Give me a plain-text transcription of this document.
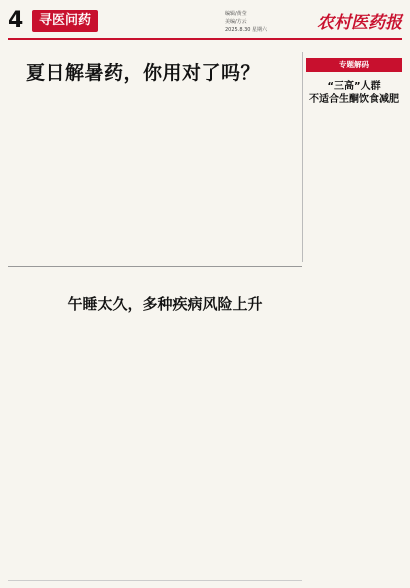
4	寻医问药	编辑/黄莹
美编/方云
2025.8.30 星期六	农村医药报
夏日解暑药，你用对了吗？	专题解码
“三高”人群
不适合生酮饮食减肥
午睡太久，多种疾病风险上升
